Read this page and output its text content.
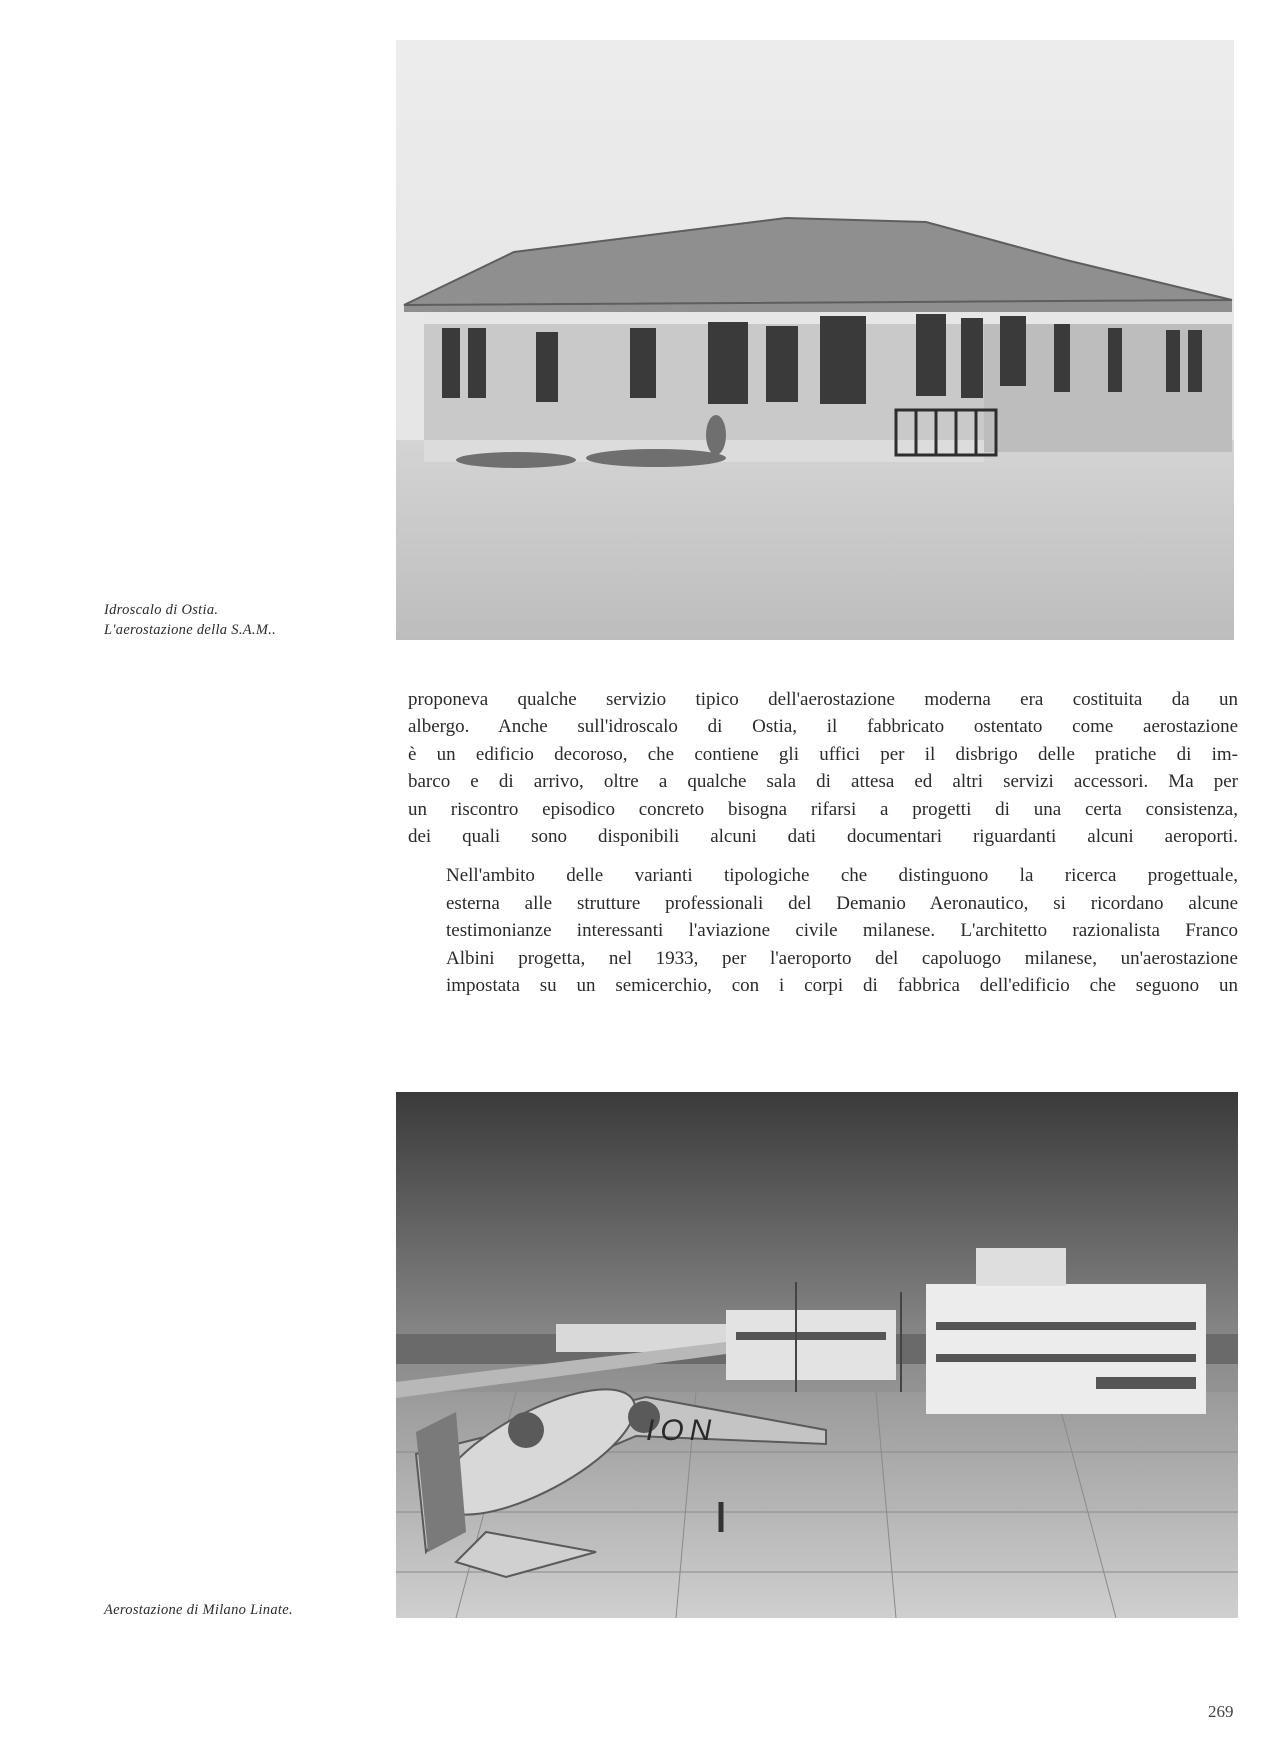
Idroscalo di Ostia.
L'aerostazione della S.A.M..

proponeva qualche servizio tipico dell'aerostazione moderna era costituita da un
albergo. Anche sull'idroscalo di Ostia, il fabbricato ostentato come aerostazione
è un edificio decoroso, che contiene gli uffici per il disbrigo delle pratiche di im-
barco e di arrivo, oltre a qualche sala di attesa ed altri servizi accessori. Ma per
un riscontro episodico concreto bisogna rifarsi a progetti di una certa consistenza,
dei quali sono disponibili alcuni dati documentari riguardanti alcuni aeroporti.

Nell'ambito delle varianti tipologiche che distinguono la ricerca progettuale,
esterna alle strutture professionali del Demanio Aeronautico, si ricordano alcune
testimonianze interessanti l'aviazione civile milanese. L'architetto razionalista Franco
Albini progetta, nel 1933, per l'aeroporto del capoluogo milanese, un'aerostazione
impostata su un semicerchio, con i corpi di fabbrica dell'edificio che seguono un

ION
Aerostazione di Milano Linate.
269
